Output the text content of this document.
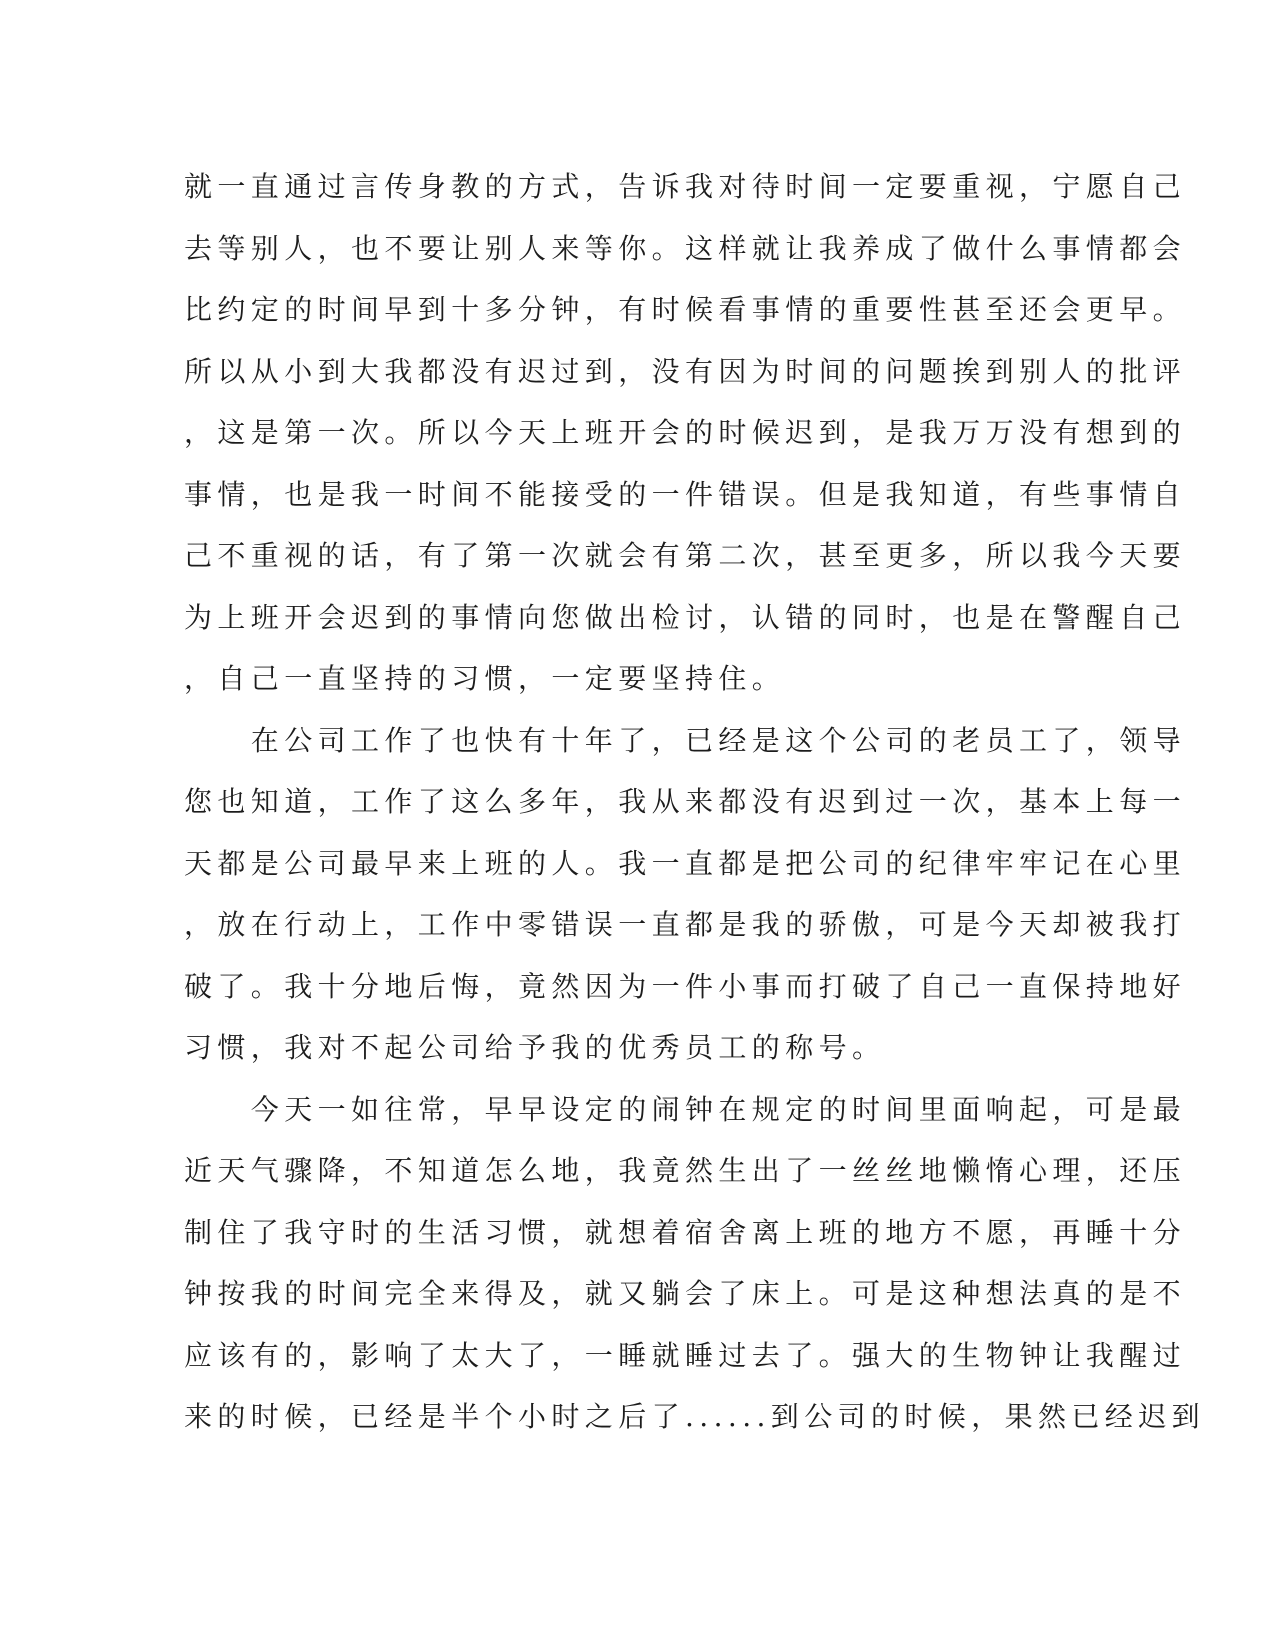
就一直通过言传身教的方式，告诉我对待时间一定要重视，宁愿自己
去等别人，也不要让别人来等你。这样就让我养成了做什么事情都会
比约定的时间早到十多分钟，有时候看事情的重要性甚至还会更早。
所以从小到大我都没有迟过到，没有因为时间的问题挨到别人的批评
，这是第一次。所以今天上班开会的时候迟到，是我万万没有想到的
事情，也是我一时间不能接受的一件错误。但是我知道，有些事情自
己不重视的话，有了第一次就会有第二次，甚至更多，所以我今天要
为上班开会迟到的事情向您做出检讨，认错的同时，也是在警醒自己
，自己一直坚持的习惯，一定要坚持住。
　　在公司工作了也快有十年了，已经是这个公司的老员工了，领导
您也知道，工作了这么多年，我从来都没有迟到过一次，基本上每一
天都是公司最早来上班的人。我一直都是把公司的纪律牢牢记在心里
，放在行动上，工作中零错误一直都是我的骄傲，可是今天却被我打
破了。我十分地后悔，竟然因为一件小事而打破了自己一直保持地好
习惯，我对不起公司给予我的优秀员工的称号。
　　今天一如往常，早早设定的闹钟在规定的时间里面响起，可是最
近天气骤降，不知道怎么地，我竟然生出了一丝丝地懒惰心理，还压
制住了我守时的生活习惯，就想着宿舍离上班的地方不愿，再睡十分
钟按我的时间完全来得及，就又躺会了床上。可是这种想法真的是不
应该有的，影响了太大了，一睡就睡过去了。强大的生物钟让我醒过
来的时候，已经是半个小时之后了......到公司的时候，果然已经迟到
